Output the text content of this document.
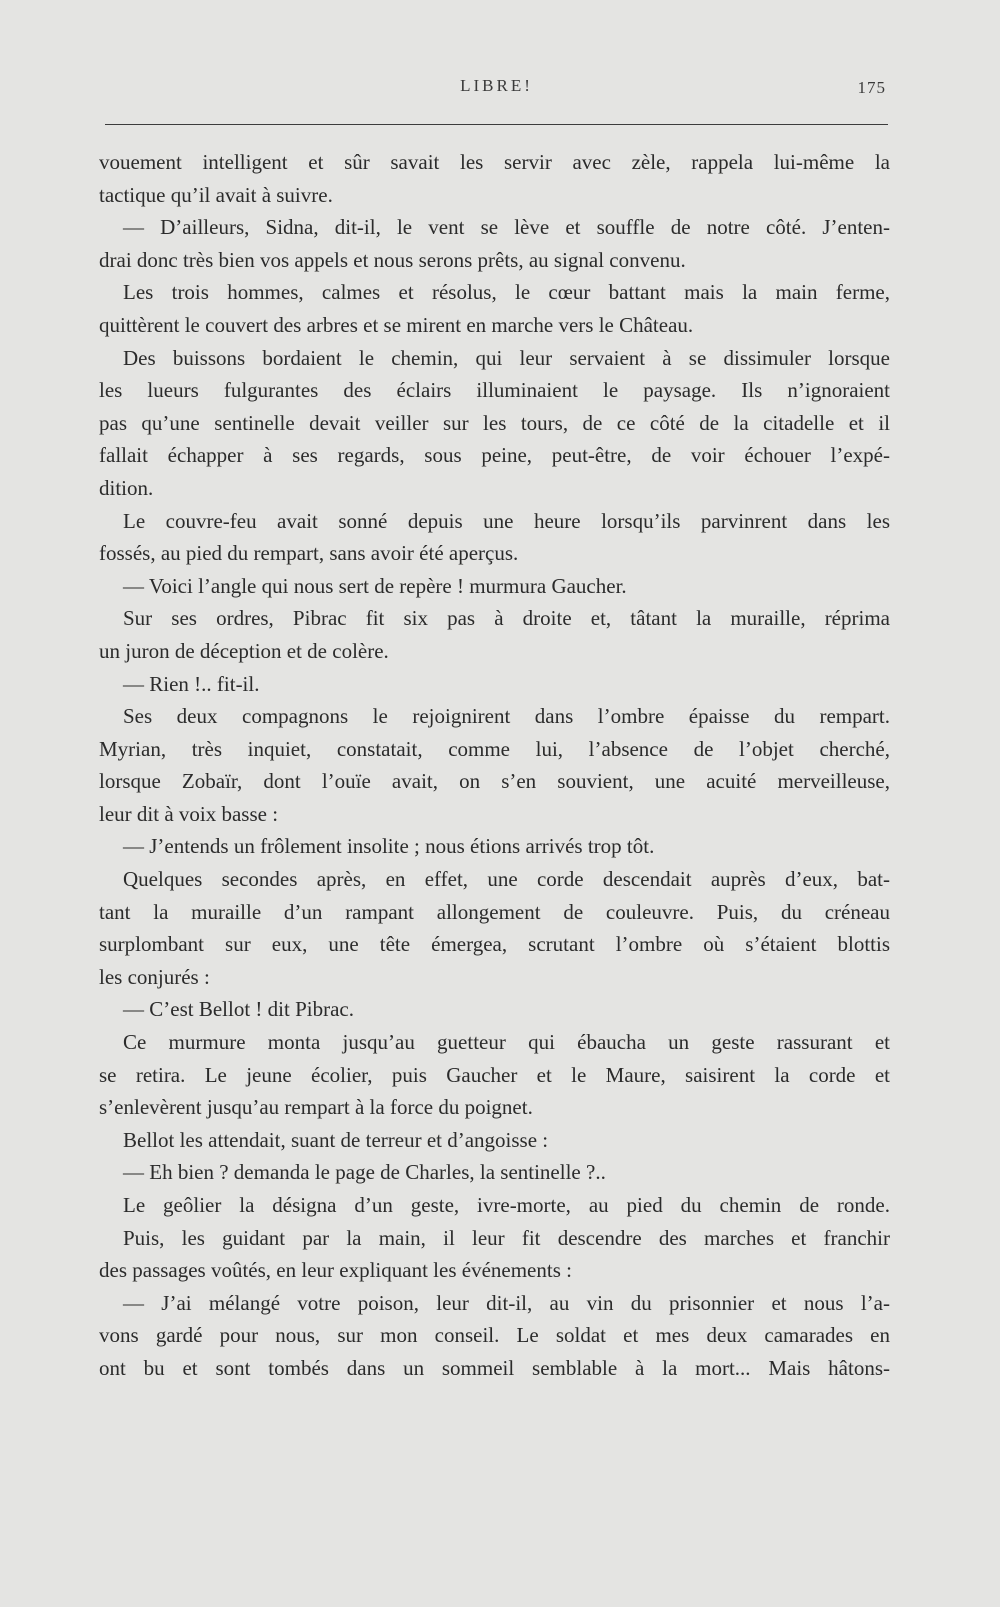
LIBRE!	175
vouement intelligent et sûr savait les servir avec zèle, rappela lui-même la
tactique qu’il avait à suivre.
— D’ailleurs, Sidna, dit-il, le vent se lève et souffle de notre côté. J’enten-
drai donc très bien vos appels et nous serons prêts, au signal convenu.
Les trois hommes, calmes et résolus, le cœur battant mais la main ferme,
quittèrent le couvert des arbres et se mirent en marche vers le Château.
Des buissons bordaient le chemin, qui leur servaient à se dissimuler lorsque
les lueurs fulgurantes des éclairs illuminaient le paysage. Ils n’ignoraient
pas qu’une sentinelle devait veiller sur les tours, de ce côté de la citadelle et il
fallait échapper à ses regards, sous peine, peut-être, de voir échouer l’expé-
dition.
Le couvre-feu avait sonné depuis une heure lorsqu’ils parvinrent dans les
fossés, au pied du rempart, sans avoir été aperçus.
— Voici l’angle qui nous sert de repère ! murmura Gaucher.
Sur ses ordres, Pibrac fit six pas à droite et, tâtant la muraille, réprima
un juron de déception et de colère.
— Rien !.. fit-il.
Ses deux compagnons le rejoignirent dans l’ombre épaisse du rempart.
Myrian, très inquiet, constatait, comme lui, l’absence de l’objet cherché,
lorsque Zobaïr, dont l’ouïe avait, on s’en souvient, une acuité merveilleuse,
leur dit à voix basse :
— J’entends un frôlement insolite ; nous étions arrivés trop tôt.
Quelques secondes après, en effet, une corde descendait auprès d’eux, bat-
tant la muraille d’un rampant allongement de couleuvre. Puis, du créneau
surplombant sur eux, une tête émergea, scrutant l’ombre où s’étaient blottis
les conjurés :
— C’est Bellot ! dit Pibrac.
Ce murmure monta jusqu’au guetteur qui ébaucha un geste rassurant et
se retira. Le jeune écolier, puis Gaucher et le Maure, saisirent la corde et
s’enlevèrent jusqu’au rempart à la force du poignet.
Bellot les attendait, suant de terreur et d’angoisse :
— Eh bien ? demanda le page de Charles, la sentinelle ?..
Le geôlier la désigna d’un geste, ivre-morte, au pied du chemin de ronde.
Puis, les guidant par la main, il leur fit descendre des marches et franchir
des passages voûtés, en leur expliquant les événements :
— J’ai mélangé votre poison, leur dit-il, au vin du prisonnier et nous l’a-
vons gardé pour nous, sur mon conseil. Le soldat et mes deux camarades en
ont bu et sont tombés dans un sommeil semblable à la mort... Mais hâtons-
